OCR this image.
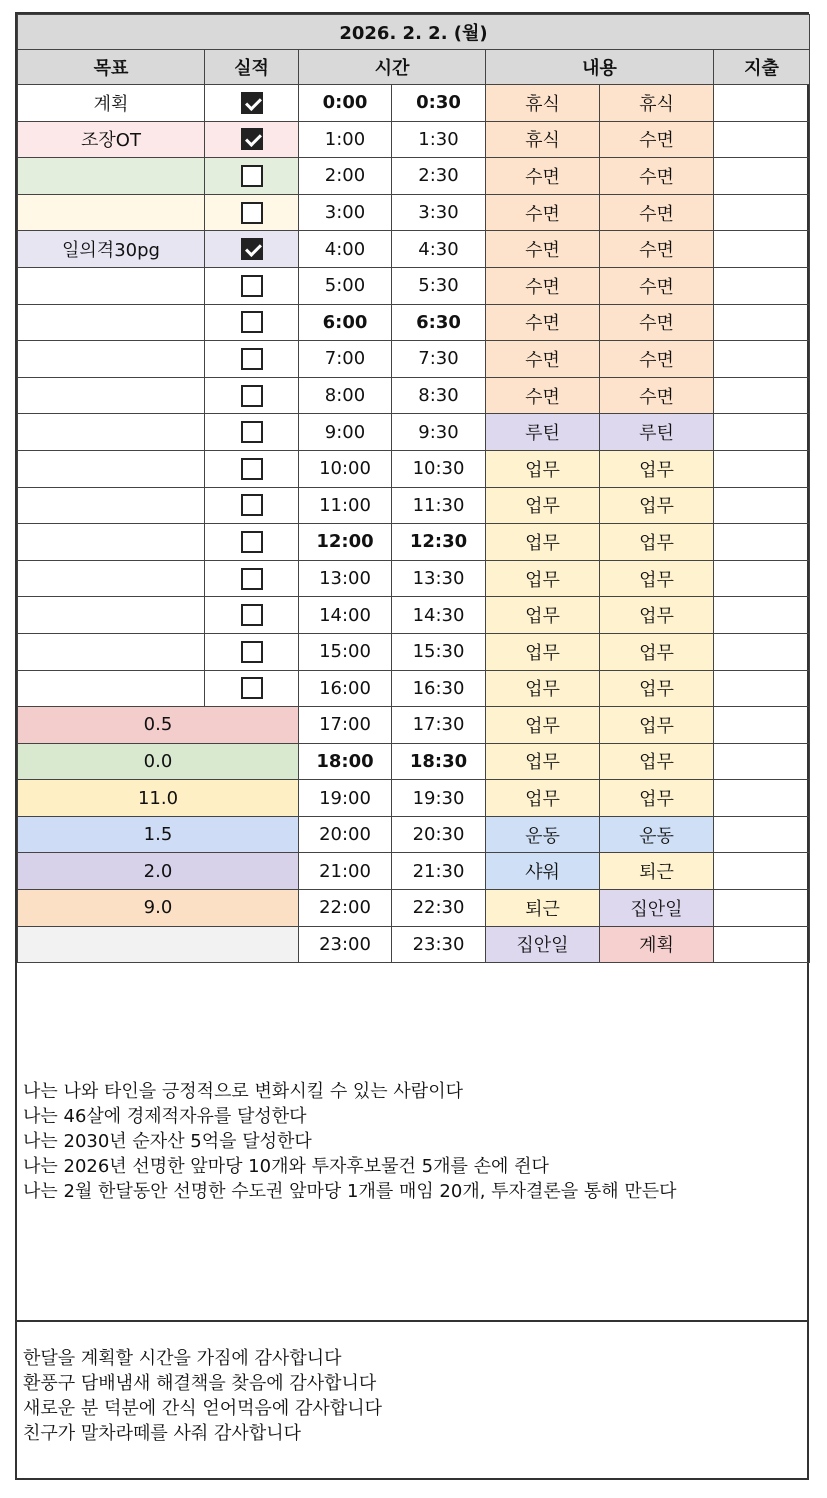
2026. 2. 2. (월)						
목표	실적	시간		내용		지출
계획		0:00	0:30	휴식	휴식	
조장OT		1:00	1:30	휴식	수면	
		2:00	2:30	수면	수면	
		3:00	3:30	수면	수면	
일의격30pg		4:00	4:30	수면	수면	
		5:00	5:30	수면	수면	
		6:00	6:30	수면	수면	
		7:00	7:30	수면	수면	
		8:00	8:30	수면	수면	
		9:00	9:30	루틴	루틴	
		10:00	10:30	업무	업무	
		11:00	11:30	업무	업무	
		12:00	12:30	업무	업무	
		13:00	13:30	업무	업무	
		14:00	14:30	업무	업무	
		15:00	15:30	업무	업무	
		16:00	16:30	업무	업무	
0.5		17:00	17:30	업무	업무	
0.0		18:00	18:30	업무	업무	
11.0		19:00	19:30	업무	업무	
1.5		20:00	20:30	운동	운동	
2.0		21:00	21:30	샤워	퇴근	
9.0		22:00	22:30	퇴근	집안일	
		23:00	23:30	집안일	계획	
나는 나와 타인을 긍정적으로 변화시킬 수 있는 사람이다
나는 46살에 경제적자유를 달성한다
나는 2030년 순자산 5억을 달성한다
나는 2026년 선명한 앞마당 10개와 투자후보물건 5개를 손에 쥔다
나는 2월 한달동안 선명한 수도권 앞마당 1개를 매임 20개, 투자결론을 통해 만든다
한달을 계획할 시간을 가짐에 감사합니다
환풍구 담배냄새 해결책을 찾음에 감사합니다
새로운 분 덕분에 간식 얻어먹음에 감사합니다
친구가 말차라떼를 사줘 감사합니다
